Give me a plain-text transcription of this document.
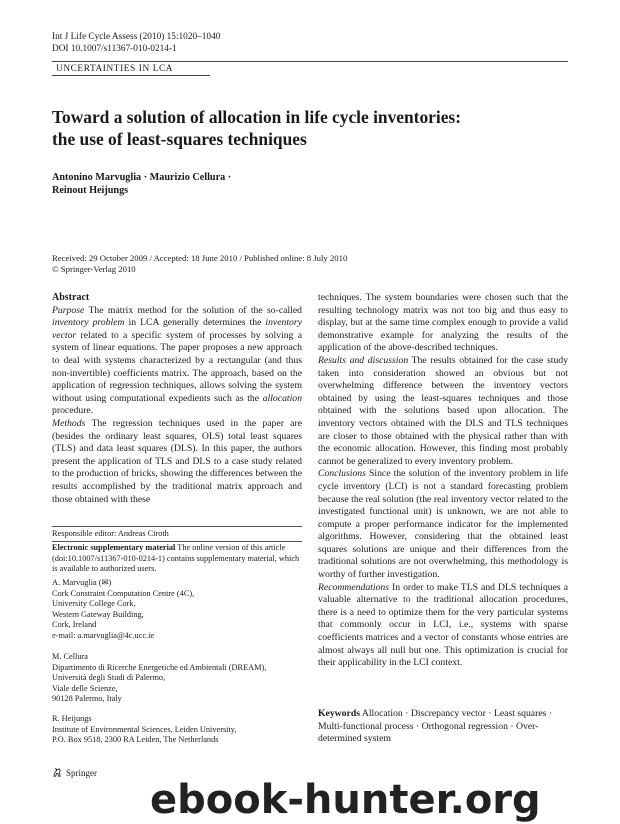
Int J Life Cycle Assess (2010) 15:1020–1040
DOI 10.1007/s11367-010-0214-1
UNCERTAINTIES IN LCA
Toward a solution of allocation in life cycle inventories:
the use of least-squares techniques
Antonino Marvuglia · Maurizio Cellura ·
Reinout Heijungs
Received: 29 October 2009 / Accepted: 18 June 2010 / Published online: 8 July 2010
© Springer-Verlag 2010

Abstract

Purpose The matrix method for the solution of the so-called inventory problem in LCA generally determines the inventory vector related to a specific system of processes by solving a system of linear equations. The paper proposes a new approach to deal with systems characterized by a rectangular (and thus non-invertible) coefficients matrix. The approach, based on the application of regression techniques, allows solving the system without using computational expedients such as the allocation procedure.

Methods The regression techniques used in the paper are (besides the ordinary least squares, OLS) total least squares (TLS) and data least squares (DLS). In this paper, the authors present the application of TLS and DLS to a case study related to the production of bricks, showing the differences between the results accomplished by the traditional matrix approach and those obtained with these

Responsible editor: Andreas Ciroth
Electronic supplementary material The online version of this article (doi:10.1007/s11367-010-0214-1) contains supplementary material, which is available to authorized users.
A. Marvuglia (✉)
Cork Constraint Computation Centre (4C),
University College Cork,
Western Gateway Building,
Cork, Ireland
e-mail: a.marvuglia@4c.ucc.ie
M. Cellura
Dipartimento di Ricerche Energetiche ed Ambientali (DREAM),
Università degli Studi di Palermo,
Viale delle Scienze,
90128 Palermo, Italy
R. Heijungs
Institute of Environmental Sciences, Leiden University,
P.O. Box 9518, 2300 RA Leiden, The Netherlands

techniques. The system boundaries were chosen such that the resulting technology matrix was not too big and thus easy to display, but at the same time complex enough to provide a valid demonstrative example for analyzing the results of the application of the above-described techniques.

Results and discussion The results obtained for the case study taken into consideration showed an obvious but not overwhelming difference between the inventory vectors obtained by using the least-squares techniques and those obtained with the solutions based upon allocation. The inventory vectors obtained with the DLS and TLS techniques are closer to those obtained with the physical rather than with the economic allocation. However, this finding most probably cannot be generalized to every inventory problem.

Conclusions Since the solution of the inventory problem in life cycle inventory (LCI) is not a standard forecasting problem because the real solution (the real inventory vector related to the investigated functional unit) is unknown, we are not able to compute a proper performance indicator for the implemented algorithms. However, considering that the obtained least squares solutions are unique and their differences from the traditional solutions are not overwhelming, this methodology is worthy of further investigation.

Recommendations In order to make TLS and DLS techniques a valuable alternative to the traditional allocation procedures, there is a need to optimize them for the very particular systems that commonly occur in LCI, i.e., systems with sparse coefficients matrices and a vector of constants whose entries are almost always all null but one. This optimization is crucial for their applicability in the LCI context.

Keywords Allocation · Discrepancy vector · Least squares · Multi-functional process · Orthogonal regression · Over-determined system
Springer
ebook-hunter.org
